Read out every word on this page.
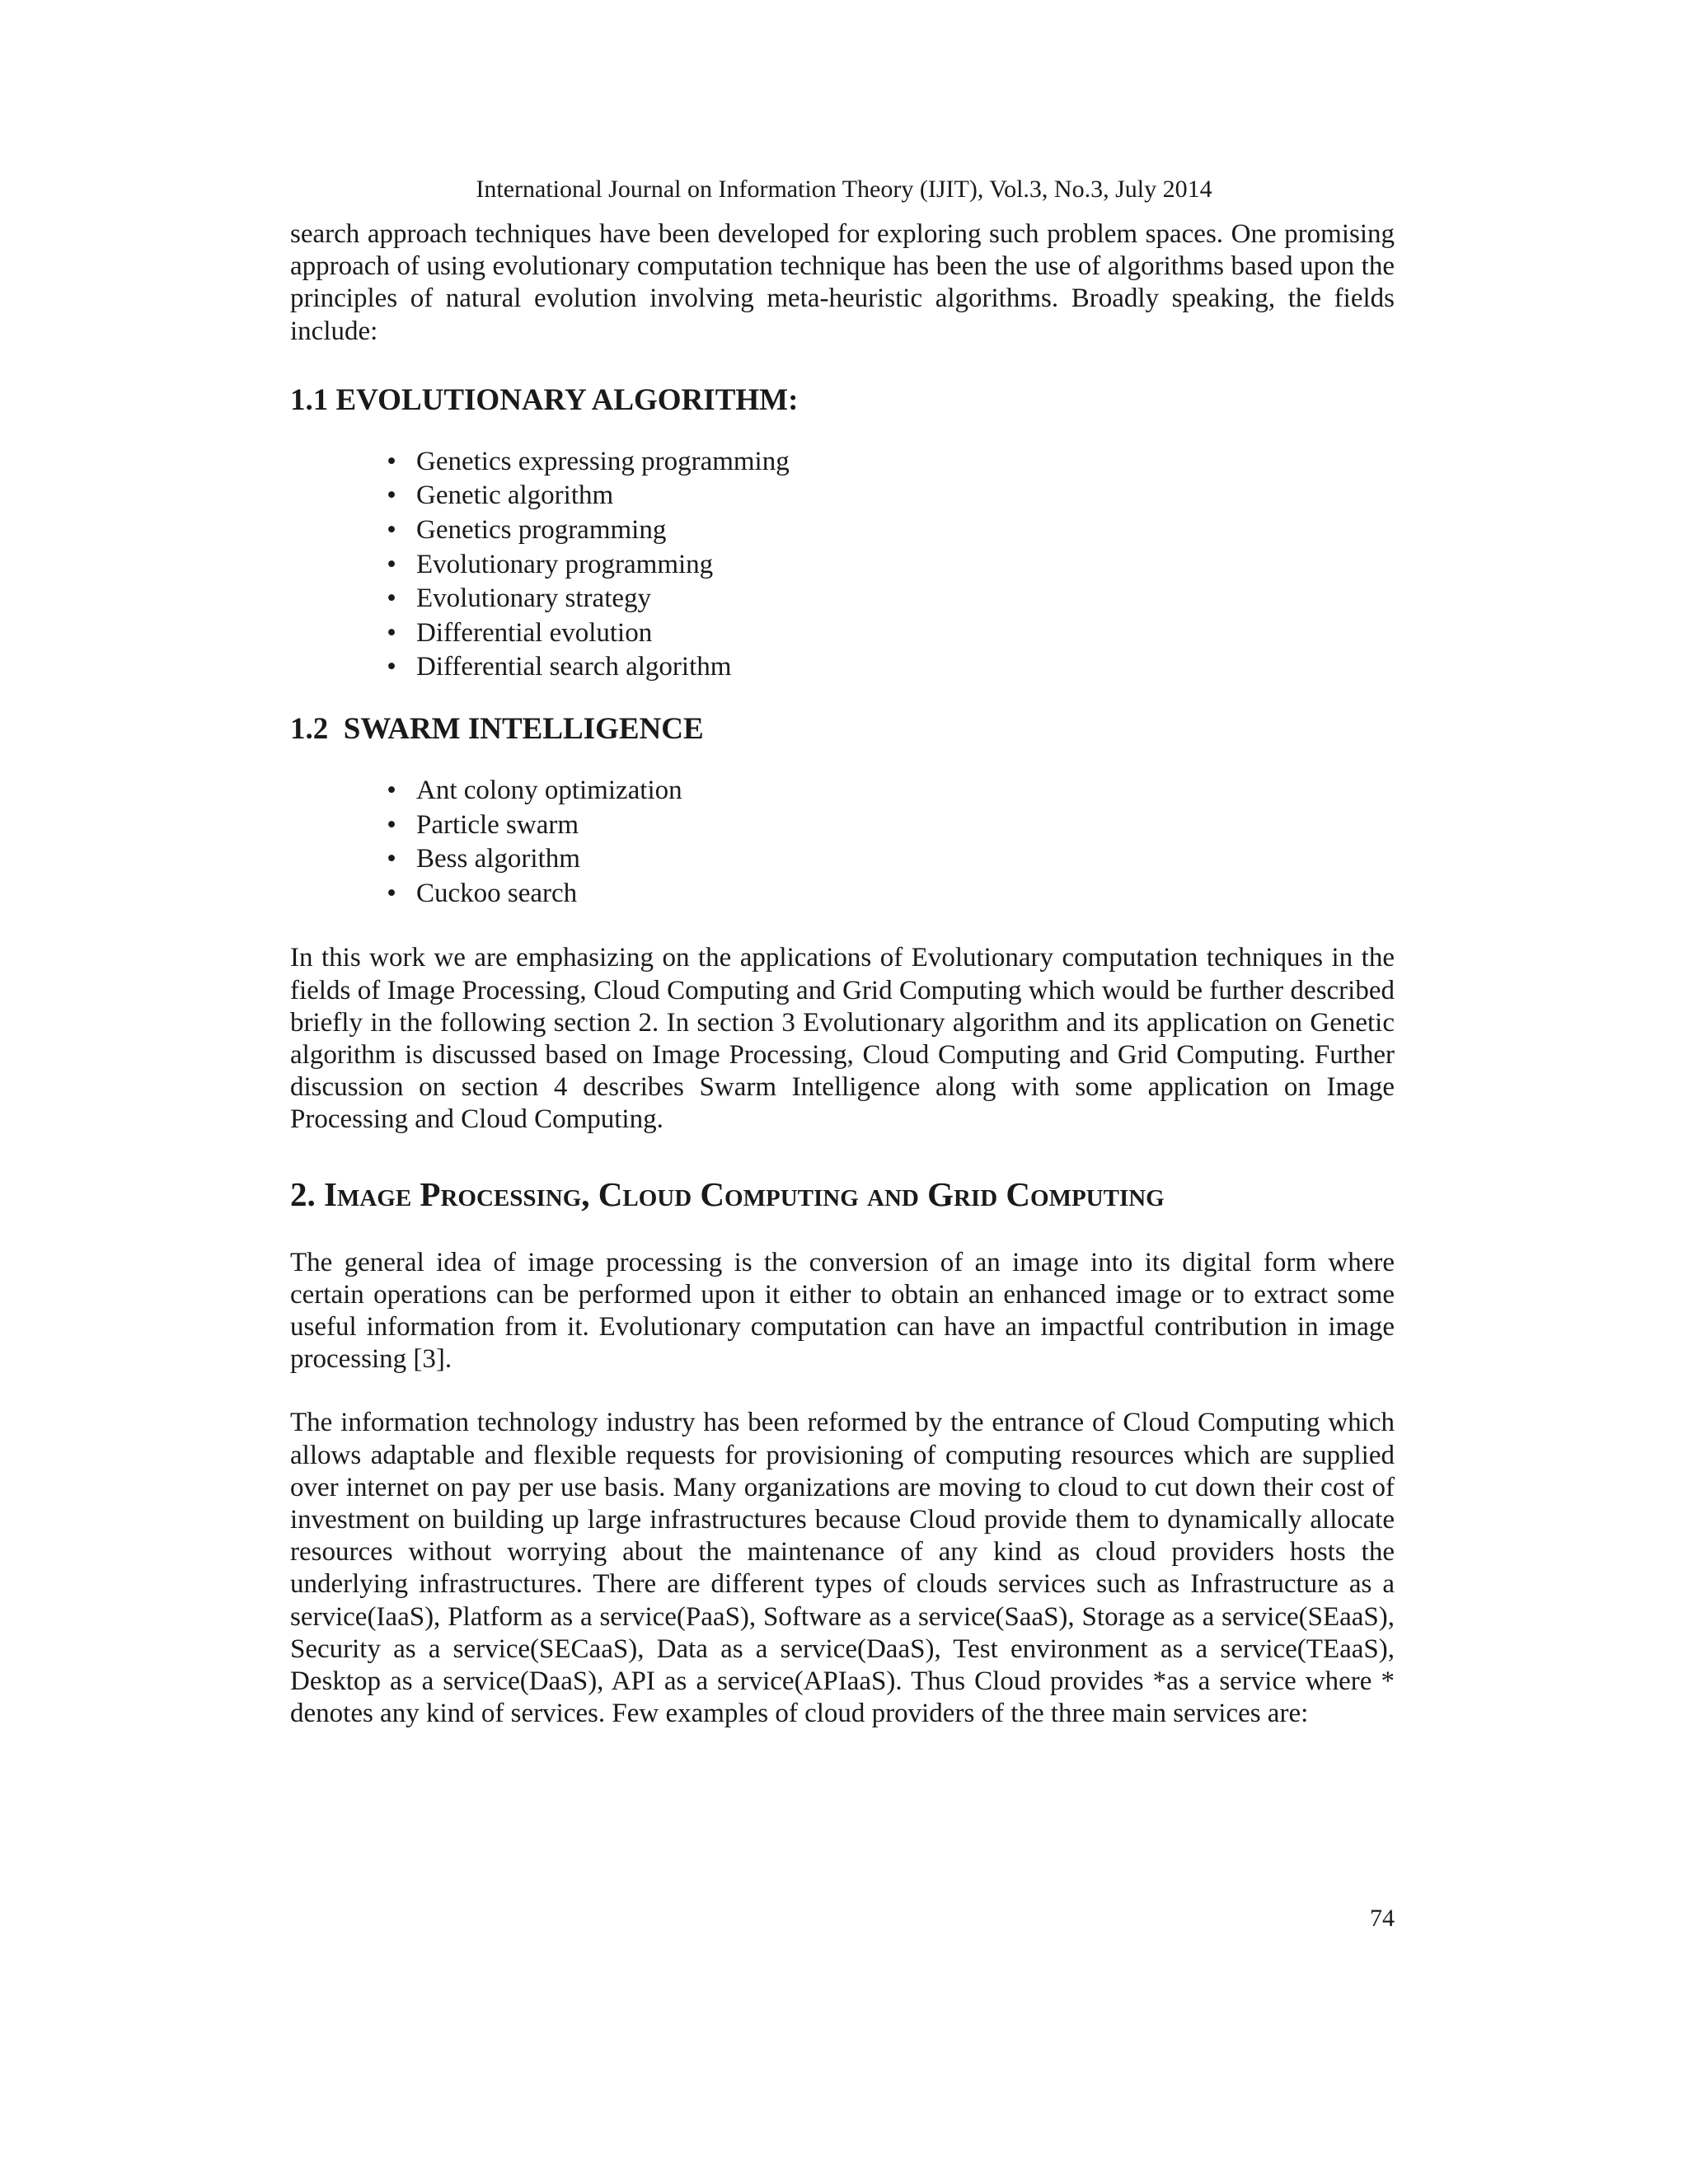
International Journal on Information Theory (IJIT), Vol.3, No.3, July 2014

search approach techniques have been developed for exploring such problem spaces. One promising approach of using evolutionary computation technique has been the use of algorithms based upon the principles of natural evolution involving meta-heuristic algorithms. Broadly speaking, the fields include:

1.1 EVOLUTIONARY ALGORITHM:
• Genetics expressing programming
• Genetic algorithm
• Genetics programming
• Evolutionary programming
• Evolutionary strategy
• Differential evolution
• Differential search algorithm
1.2  SWARM INTELLIGENCE
• Ant colony optimization
• Particle swarm
• Bess algorithm
• Cuckoo search

In this work we are emphasizing on the applications of Evolutionary computation techniques in the fields of Image Processing, Cloud Computing and Grid Computing which would be further described briefly in the following section 2. In section 3 Evolutionary algorithm and its application on Genetic algorithm is discussed based on Image Processing, Cloud Computing and Grid Computing. Further discussion on section 4 describes Swarm Intelligence along with some application on Image Processing and Cloud Computing.

2. Image Processing, Cloud Computing and Grid Computing

The general idea of image processing is the conversion of an image into its digital form where certain operations can be performed upon it either to obtain an enhanced image or to extract some useful information from it. Evolutionary computation can have an impactful contribution in image processing [3].

The information technology industry has been reformed by the entrance of Cloud Computing which allows adaptable and flexible requests for provisioning of computing resources which are supplied over internet on pay per use basis. Many organizations are moving to cloud to cut down their cost of investment on building up large infrastructures because Cloud provide them to dynamically allocate resources without worrying about the maintenance of any kind as cloud providers hosts the underlying infrastructures. There are different types of clouds services such as Infrastructure as a service(IaaS), Platform as a service(PaaS), Software as a service(SaaS), Storage as a service(SEaaS), Security as a service(SECaaS), Data as a service(DaaS), Test environment as a service(TEaaS), Desktop as a service(DaaS), API as a service(APIaaS). Thus Cloud provides *as a service where * denotes any kind of services. Few examples of cloud providers of the three main services are:

74
